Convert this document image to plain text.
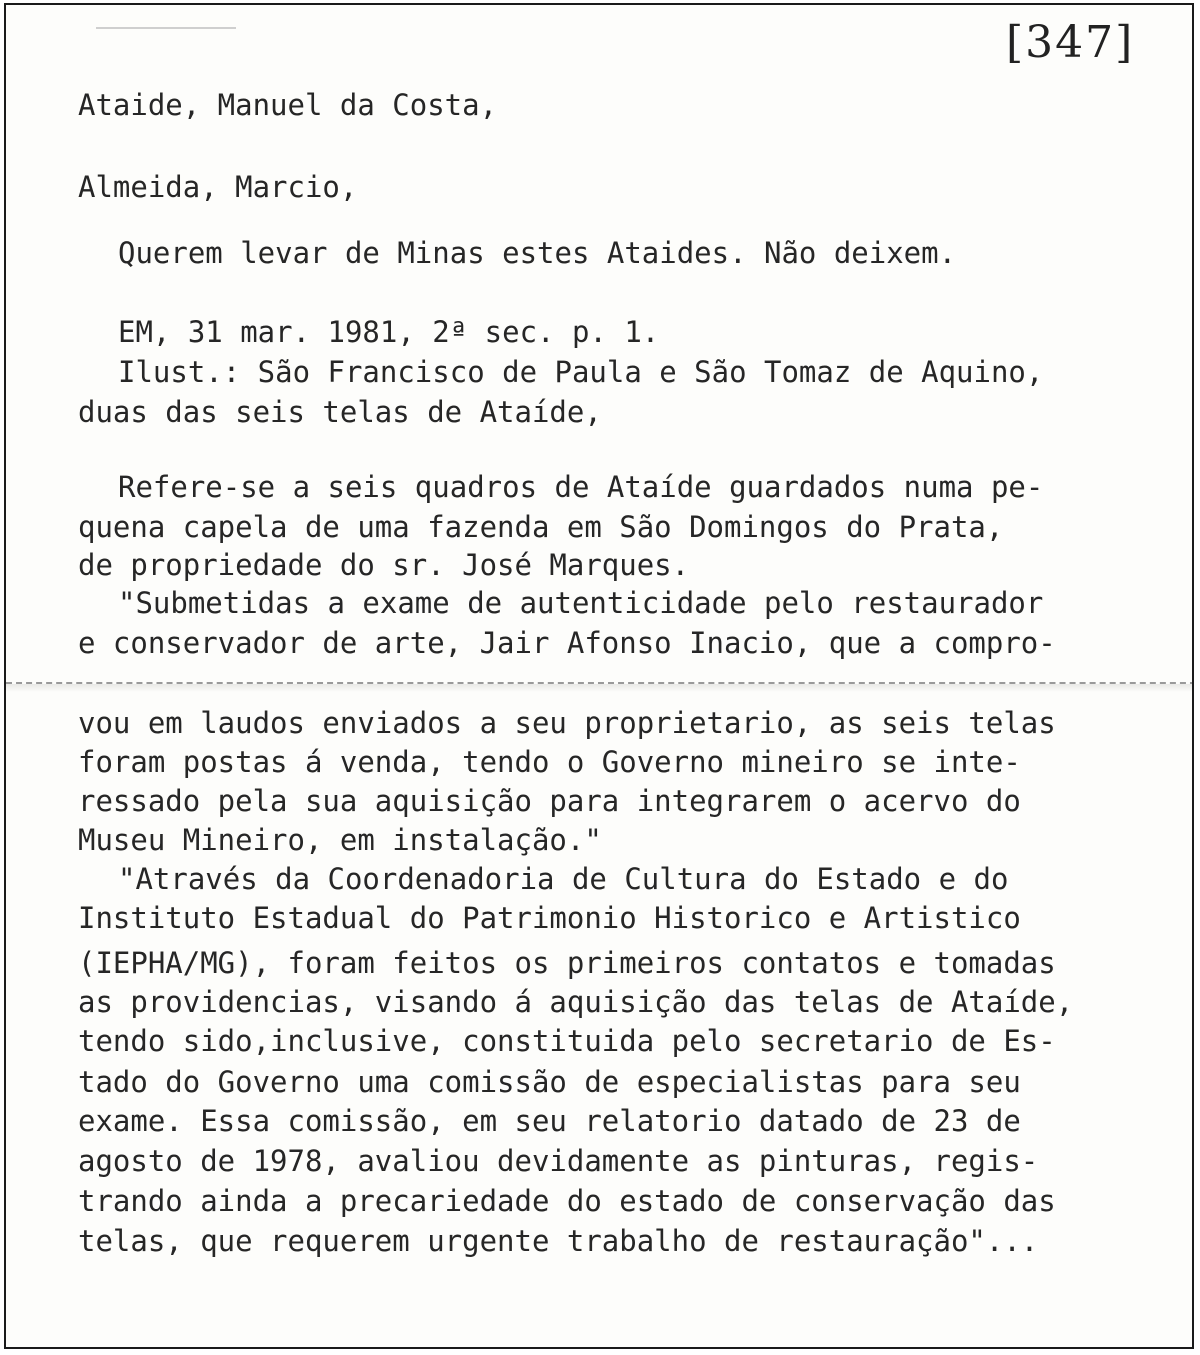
[347]
Ataide, Manuel da Costa,
Almeida, Marcio,
Querem levar de Minas estes Ataides. Não deixem.
EM, 31 mar. 1981, 2ª sec. p. 1.
Ilust.: São Francisco de Paula e São Tomaz de Aquino,
duas das seis telas de Ataíde,
Refere-se a seis quadros de Ataíde guardados numa pe-
quena capela de uma fazenda em São Domingos do Prata,
de propriedade do sr. José Marques.
"Submetidas a exame de autenticidade pelo restaurador
e conservador de arte, Jair Afonso Inacio, que a compro-
vou em laudos enviados a seu proprietario, as seis telas
foram postas á venda, tendo o Governo mineiro se inte-
ressado pela sua aquisição para integrarem o acervo do
Museu Mineiro, em instalação."
"Através da Coordenadoria de Cultura do Estado e do
Instituto Estadual do Patrimonio Historico e Artistico
(IEPHA/MG), foram feitos os primeiros contatos e tomadas
as providencias, visando á aquisição das telas de Ataíde,
tendo sido,inclusive, constituida pelo secretario de Es-
tado do Governo uma comissão de especialistas para seu
exame. Essa comissão, em seu relatorio datado de 23 de
agosto de 1978, avaliou devidamente as pinturas, regis-
trando ainda a precariedade do estado de conservação das
telas, que requerem urgente trabalho de restauração"...
